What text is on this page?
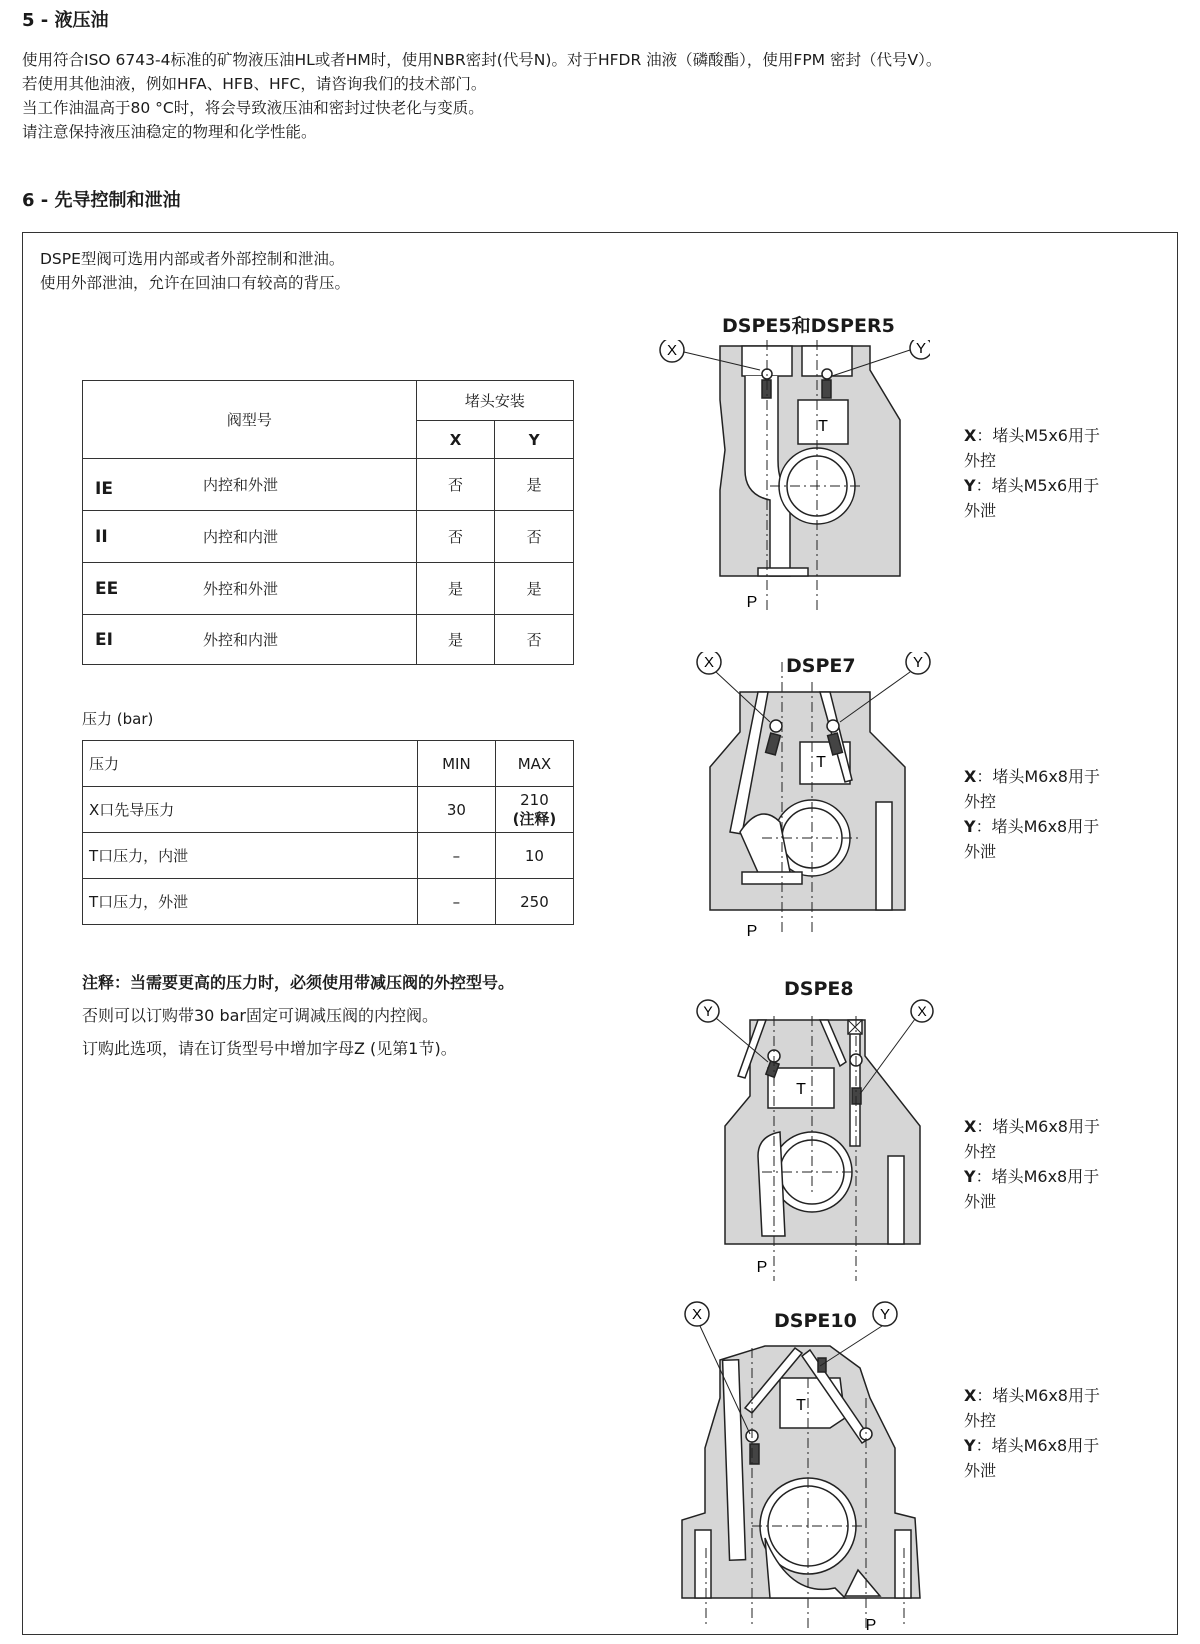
5 - 液压油
使用符合ISO 6743-4标准的矿物液压油HL或者HM时，使用NBR密封(代号N)。对于HFDR 油液（磷酸酯），使用FPM 密封（代号V）。
若使用其他油液，例如HFA、HFB、HFC，请咨询我们的技术部门。
当工作油温高于80 °C时，将会导致液压油和密封过快老化与变质。
请注意保持液压油稳定的物理和化学性能。
6 - 先导控制和泄油
DSPE型阀可选用内部或者外部控制和泄油。
使用外部泄油，允许在回油口有较高的背压。
阀型号	堵头安装	
	X	Y
IE 内控和外泄	否	是
II 内控和内泄	否	否
EE 外控和外泄	是	是
EI 外控和内泄	是	否
压力 (bar)
压力	MIN	MAX
X口先导压力	30	210
(注释)

T口压力，内泄	–	10
T口压力，外泄	–	250
注释：当需要更高的压力时，必须使用带减压阀的外控型号。
否则可以订购带30 bar固定可调减压阀的内控阀。
订购此选项，请在订货型号中增加字母Z (见第1节)。
DSPE5和DSPER5
X	Y
T
P
X：堵头M5x6用于
外控
Y：堵头M5x6用于
外泄
DSPE7
X	Y
T
P
X：堵头M6x8用于
外控
Y：堵头M6x8用于
外泄
DSPE8
Y	X
T
P
X：堵头M6x8用于
外控
Y：堵头M6x8用于
外泄
DSPE10
X	Y
T
P
X：堵头M6x8用于
外控
Y：堵头M6x8用于
外泄
